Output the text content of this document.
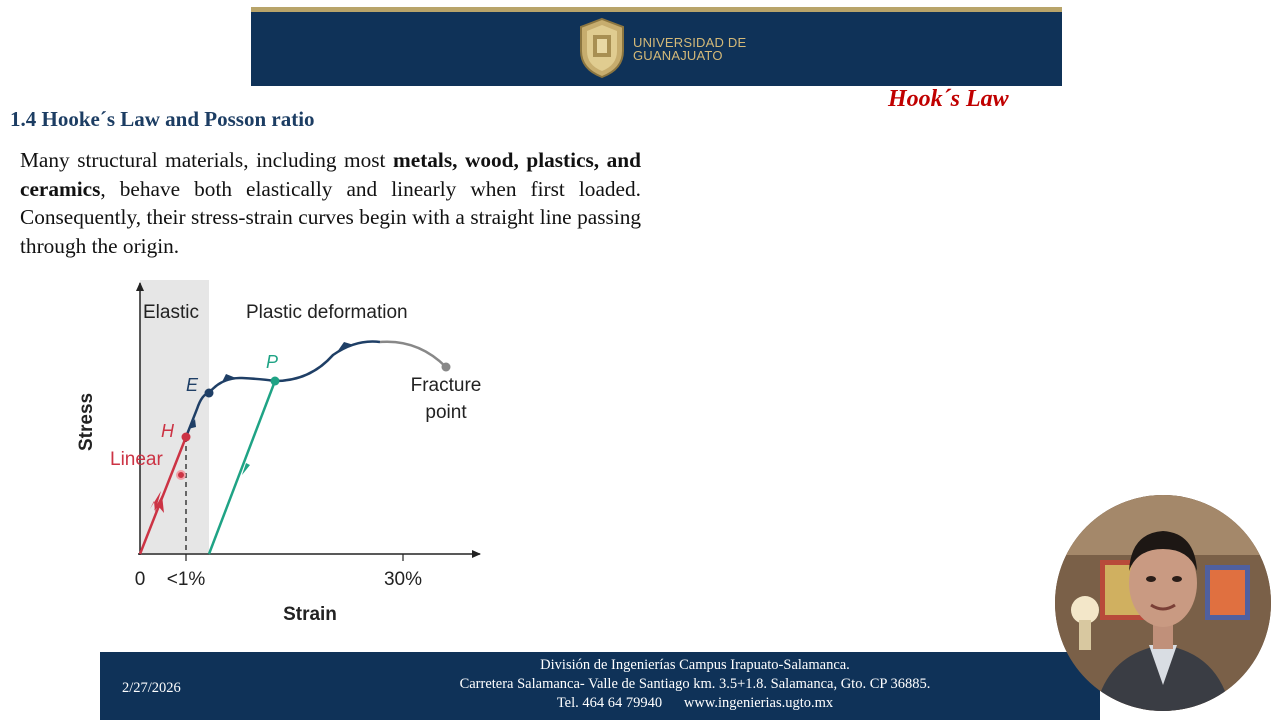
UNIVERSIDAD DE
GUANAJUATO
1.4 Hooke´s Law and Posson ratio
Hook´s Law
Many structural materials, including most metals, wood, plastics, and ceramics, behave both elastically and linearly when first loaded. Consequently, their stress-strain curves begin with a straight line passing through the origin.
Elastic Plastic deformation
P
E
H
Linear
Fracture
point
Stress
Strain
0 <1%	30%
2/27/2026
División de Ingenierías Campus Irapuato-Salamanca.
Carretera Salamanca- Valle de Santiago km. 3.5+1.8. Salamanca, Gto. CP 36885.
Tel. 464 64 79940      www.ingenierias.ugto.mx
